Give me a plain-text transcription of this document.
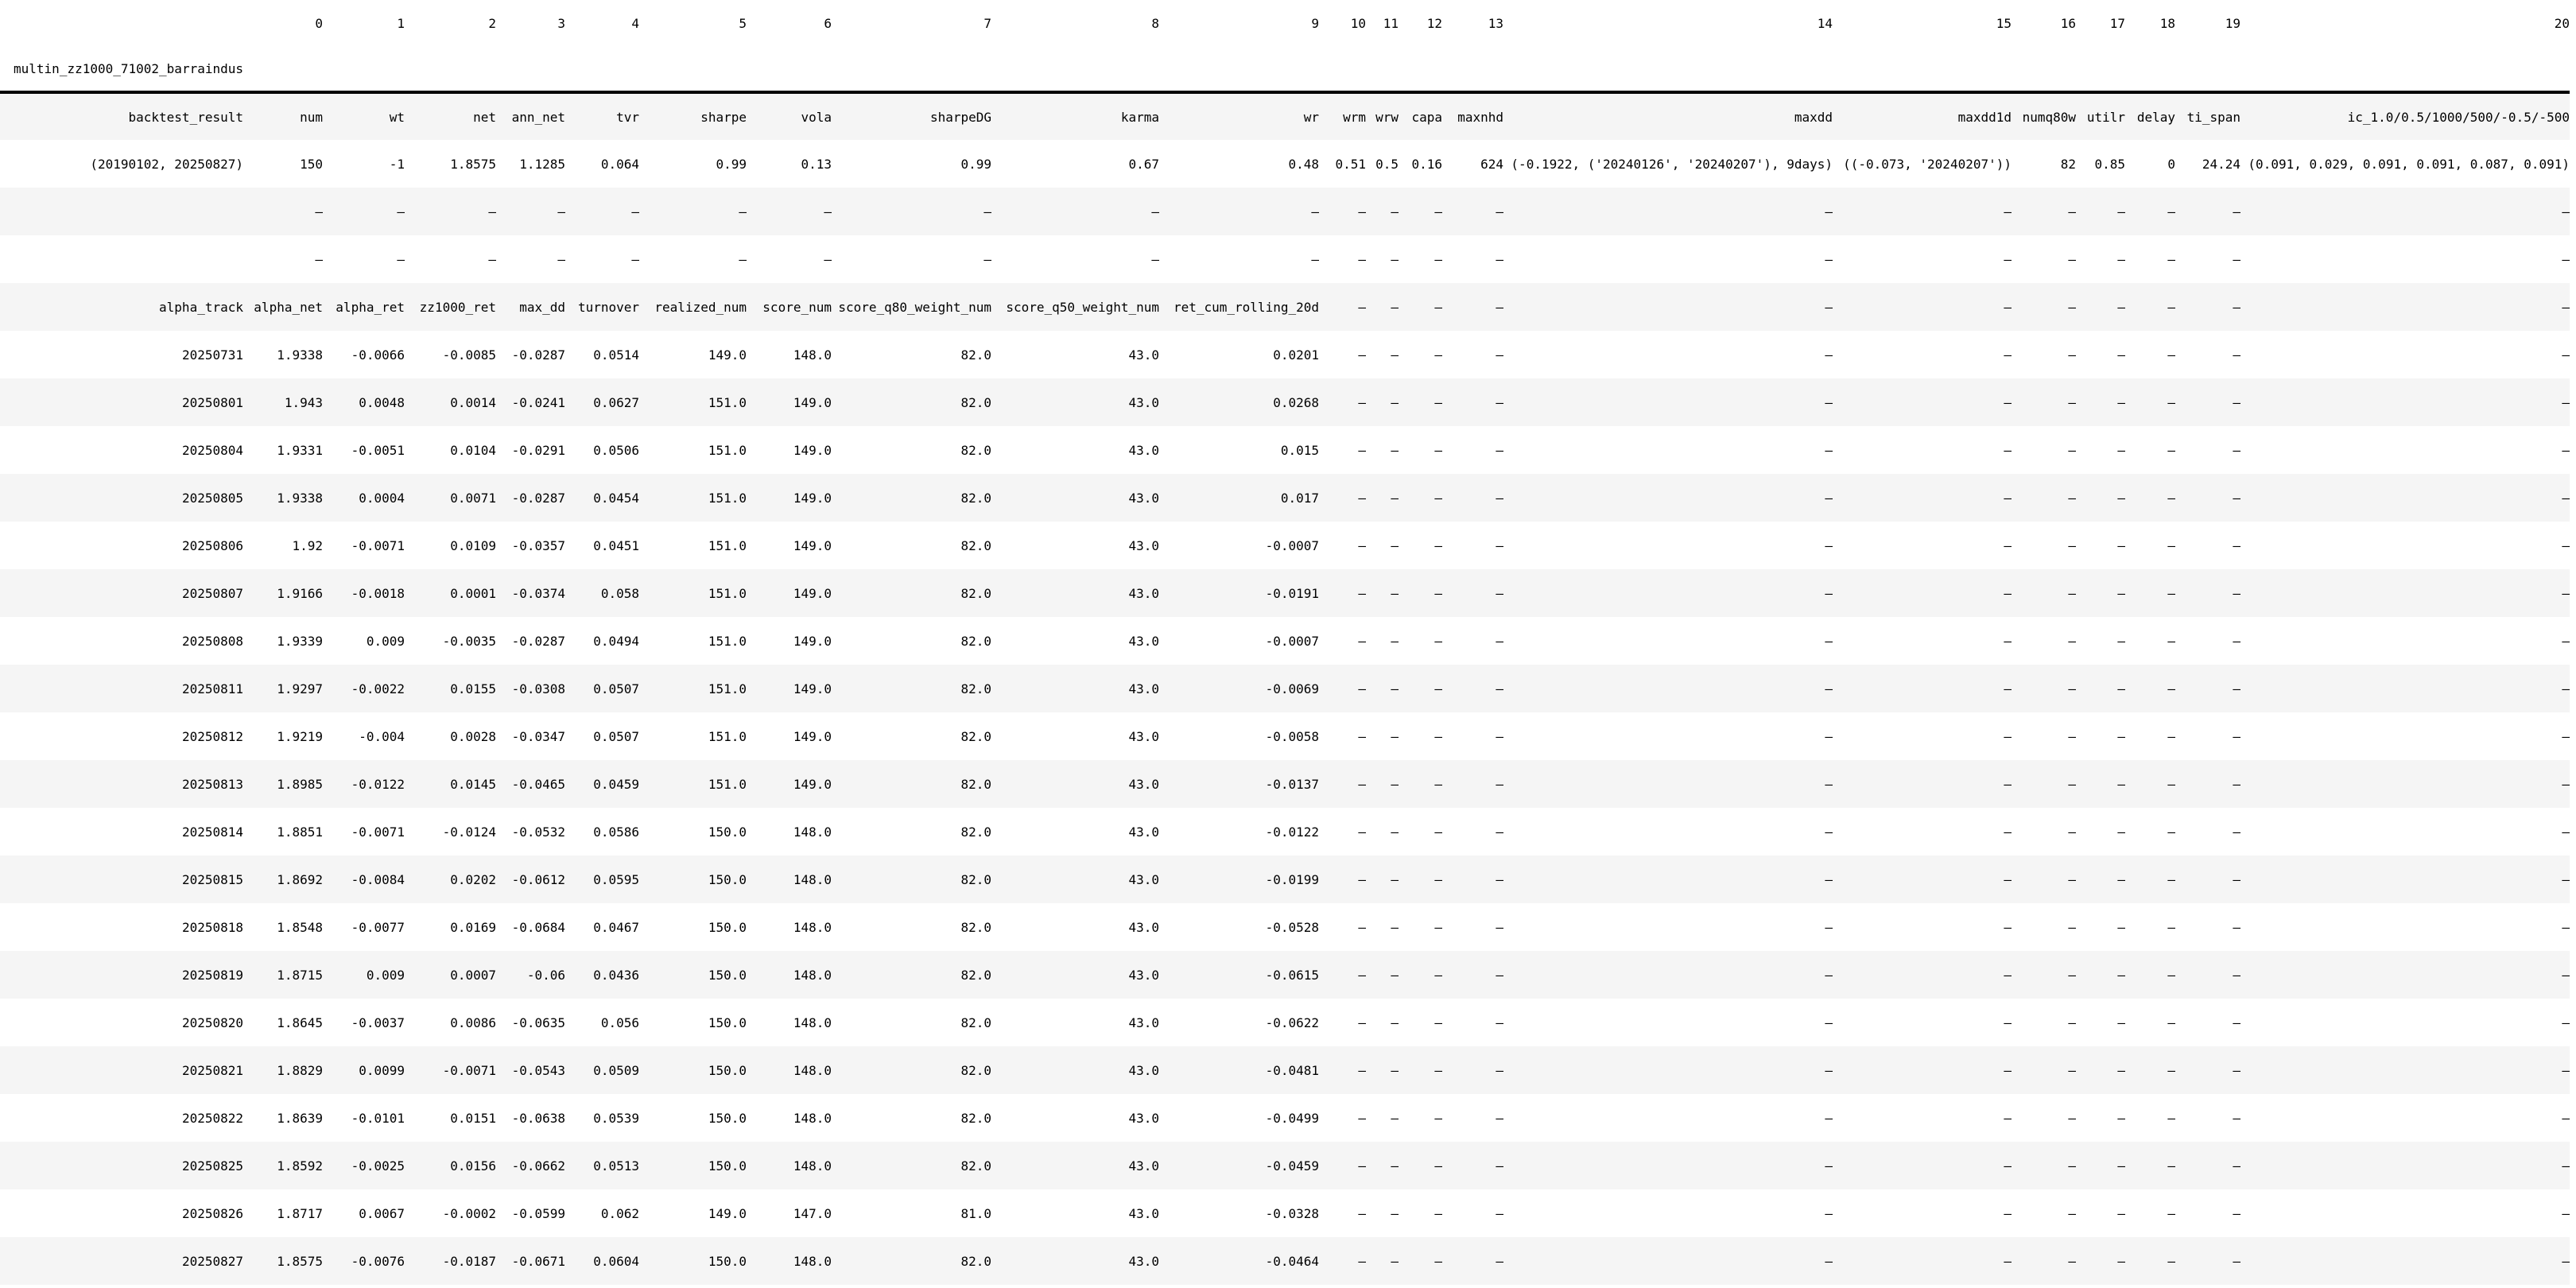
	0	1	2	3	4	5	6	7	8	9	10	11	12	13	14	15	16	17	18	19	20
multin_zz1000_71002_barraindus																					
backtest_result	num	wt	net	ann_net	tvr	sharpe	vola	sharpeDG	karma	wr	wrm	wrw	capa	maxnhd	maxdd	maxdd1d	numq80w	utilr	delay	ti_span	ic_1.0/0.5/1000/500/-0.5/-500
(20190102, 20250827)	150	-1	1.8575	1.1285	0.064	0.99	0.13	0.99	0.67	0.48	0.51	0.5	0.16	624	(-0.1922, ('20240126', '20240207'), 9days)	((-0.073, '20240207'))	82	0.85	0	24.24	(0.091, 0.029, 0.091, 0.091, 0.087, 0.091)
	—	—	—	—	—	—	—	—	—	—	—	—	—	—	—	—	—	—	—	—	—
	—	—	—	—	—	—	—	—	—	—	—	—	—	—	—	—	—	—	—	—	—
alpha_track	alpha_net	alpha_ret	zz1000_ret	max_dd	turnover	realized_num	score_num	score_q80_weight_num	score_q50_weight_num	ret_cum_rolling_20d	—	—	—	—	—	—	—	—	—	—	—
20250731	1.9338	-0.0066	-0.0085	-0.0287	0.0514	149.0	148.0	82.0	43.0	0.0201	—	—	—	—	—	—	—	—	—	—	—
20250801	1.943	0.0048	0.0014	-0.0241	0.0627	151.0	149.0	82.0	43.0	0.0268	—	—	—	—	—	—	—	—	—	—	—
20250804	1.9331	-0.0051	0.0104	-0.0291	0.0506	151.0	149.0	82.0	43.0	0.015	—	—	—	—	—	—	—	—	—	—	—
20250805	1.9338	0.0004	0.0071	-0.0287	0.0454	151.0	149.0	82.0	43.0	0.017	—	—	—	—	—	—	—	—	—	—	—
20250806	1.92	-0.0071	0.0109	-0.0357	0.0451	151.0	149.0	82.0	43.0	-0.0007	—	—	—	—	—	—	—	—	—	—	—
20250807	1.9166	-0.0018	0.0001	-0.0374	0.058	151.0	149.0	82.0	43.0	-0.0191	—	—	—	—	—	—	—	—	—	—	—
20250808	1.9339	0.009	-0.0035	-0.0287	0.0494	151.0	149.0	82.0	43.0	-0.0007	—	—	—	—	—	—	—	—	—	—	—
20250811	1.9297	-0.0022	0.0155	-0.0308	0.0507	151.0	149.0	82.0	43.0	-0.0069	—	—	—	—	—	—	—	—	—	—	—
20250812	1.9219	-0.004	0.0028	-0.0347	0.0507	151.0	149.0	82.0	43.0	-0.0058	—	—	—	—	—	—	—	—	—	—	—
20250813	1.8985	-0.0122	0.0145	-0.0465	0.0459	151.0	149.0	82.0	43.0	-0.0137	—	—	—	—	—	—	—	—	—	—	—
20250814	1.8851	-0.0071	-0.0124	-0.0532	0.0586	150.0	148.0	82.0	43.0	-0.0122	—	—	—	—	—	—	—	—	—	—	—
20250815	1.8692	-0.0084	0.0202	-0.0612	0.0595	150.0	148.0	82.0	43.0	-0.0199	—	—	—	—	—	—	—	—	—	—	—
20250818	1.8548	-0.0077	0.0169	-0.0684	0.0467	150.0	148.0	82.0	43.0	-0.0528	—	—	—	—	—	—	—	—	—	—	—
20250819	1.8715	0.009	0.0007	-0.06	0.0436	150.0	148.0	82.0	43.0	-0.0615	—	—	—	—	—	—	—	—	—	—	—
20250820	1.8645	-0.0037	0.0086	-0.0635	0.056	150.0	148.0	82.0	43.0	-0.0622	—	—	—	—	—	—	—	—	—	—	—
20250821	1.8829	0.0099	-0.0071	-0.0543	0.0509	150.0	148.0	82.0	43.0	-0.0481	—	—	—	—	—	—	—	—	—	—	—
20250822	1.8639	-0.0101	0.0151	-0.0638	0.0539	150.0	148.0	82.0	43.0	-0.0499	—	—	—	—	—	—	—	—	—	—	—
20250825	1.8592	-0.0025	0.0156	-0.0662	0.0513	150.0	148.0	82.0	43.0	-0.0459	—	—	—	—	—	—	—	—	—	—	—
20250826	1.8717	0.0067	-0.0002	-0.0599	0.062	149.0	147.0	81.0	43.0	-0.0328	—	—	—	—	—	—	—	—	—	—	—
20250827	1.8575	-0.0076	-0.0187	-0.0671	0.0604	150.0	148.0	82.0	43.0	-0.0464	—	—	—	—	—	—	—	—	—	—	—
